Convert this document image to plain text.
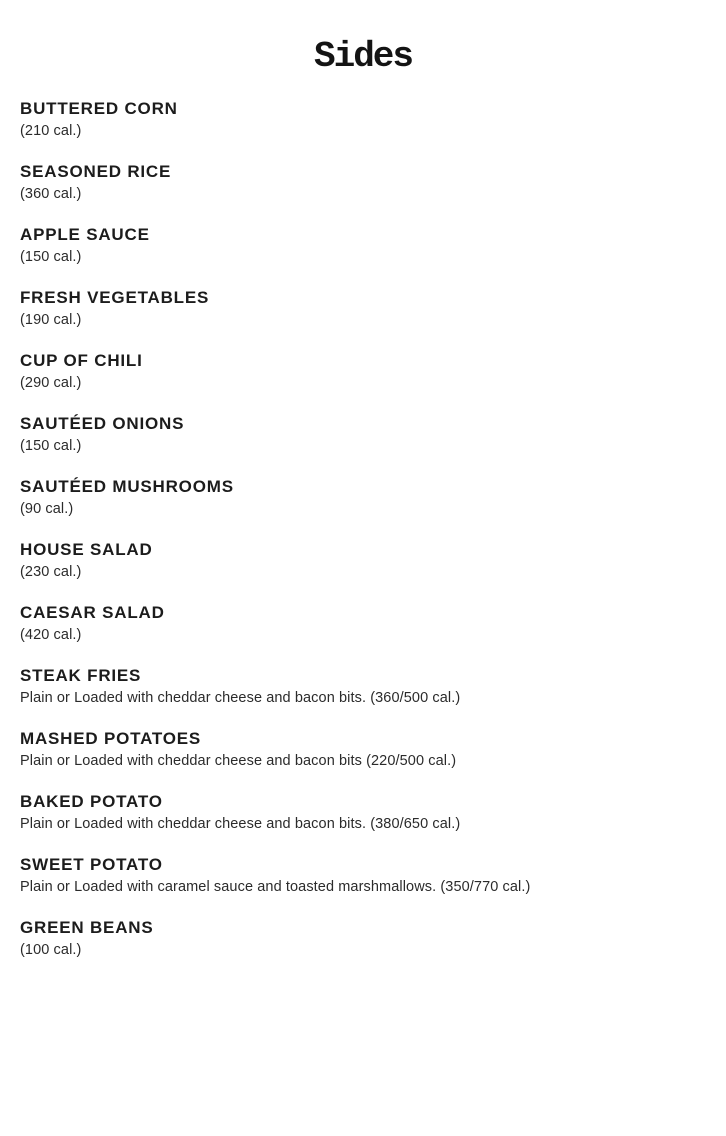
Sides
BUTTERED CORN
(210 cal.)
SEASONED RICE
(360 cal.)
APPLE SAUCE
(150 cal.)
FRESH VEGETABLES
(190 cal.)
CUP OF CHILI
(290 cal.)
SAUTÉED ONIONS
(150 cal.)
SAUTÉED MUSHROOMS
(90 cal.)
HOUSE SALAD
(230 cal.)
CAESAR SALAD
(420 cal.)
STEAK FRIES
Plain or Loaded with cheddar cheese and bacon bits. (360/500 cal.)
MASHED POTATOES
Plain or Loaded with cheddar cheese and bacon bits (220/500 cal.)
BAKED POTATO
Plain or Loaded with cheddar cheese and bacon bits. (380/650 cal.)
SWEET POTATO
Plain or Loaded with caramel sauce and toasted marshmallows. (350/770 cal.)
GREEN BEANS
(100 cal.)
